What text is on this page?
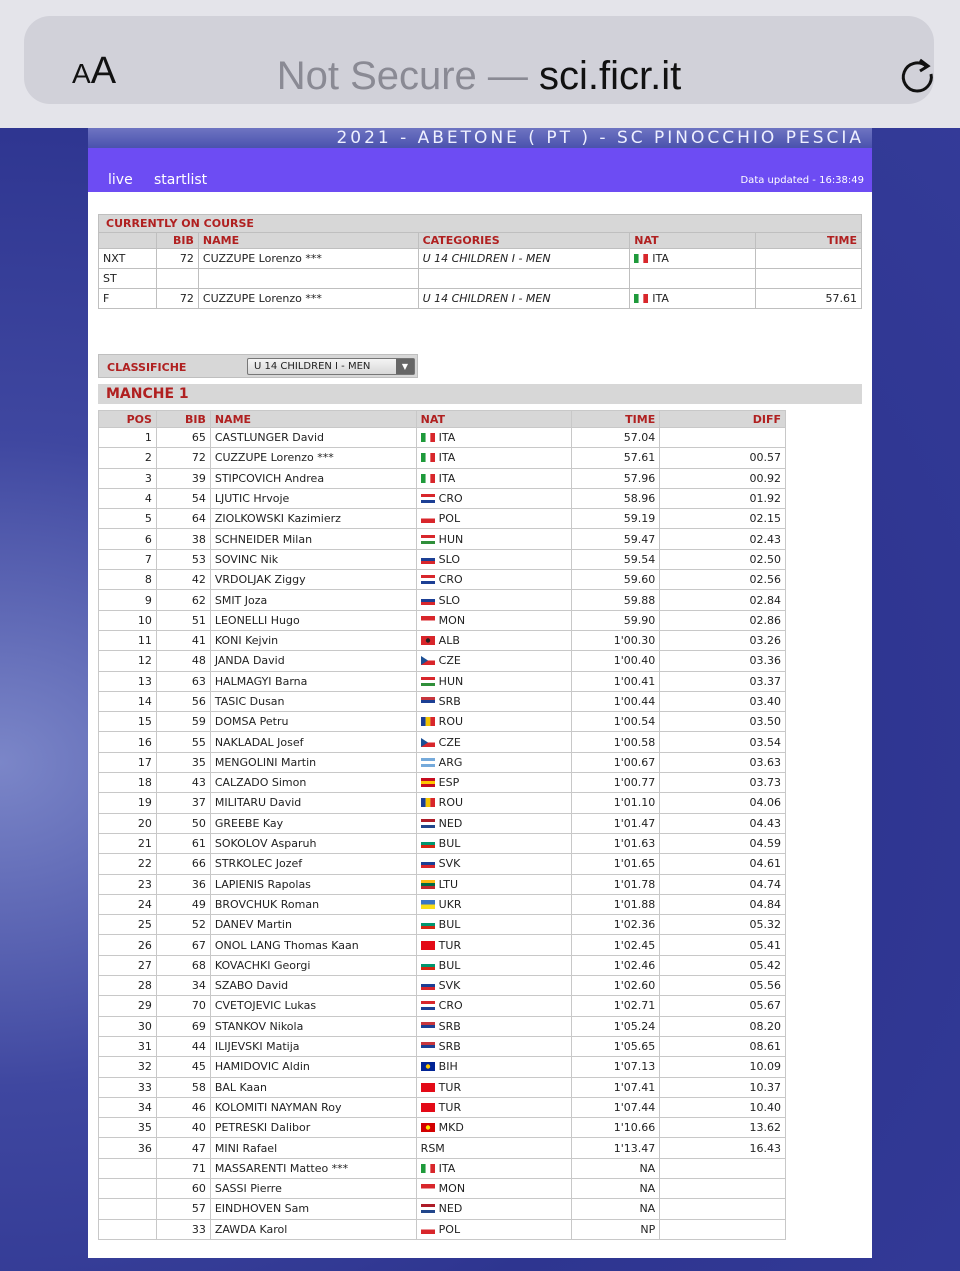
AA	Not Secure — sci.ficr.it
2021 - ABETONE ( PT ) - SC PINOCCHIO PESCIA
live startlist	Data updated - 16:38:49
CURRENTLY ON COURSE					
	BIB	NAME	CATEGORIES	NAT	TIME
NXT	72	CUZZUPE Lorenzo ***	U 14 CHILDREN I - MEN	ITA	
ST					
F	72	CUZZUPE Lorenzo ***	U 14 CHILDREN I - MEN	ITA	57.61
CLASSIFICHE	U 14 CHILDREN I - MEN	▼
MANCHE 1
POS	BIB	NAME	NAT	TIME	DIFF
1	65	CASTLUNGER David	ITA	57.04	
2	72	CUZZUPE Lorenzo ***	ITA	57.61	00.57
3	39	STIPCOVICH Andrea	ITA	57.96	00.92
4	54	LJUTIC Hrvoje	CRO	58.96	01.92
5	64	ZIOLKOWSKI Kazimierz	POL	59.19	02.15
6	38	SCHNEIDER Milan	HUN	59.47	02.43
7	53	SOVINC Nik	SLO	59.54	02.50
8	42	VRDOLJAK Ziggy	CRO	59.60	02.56
9	62	SMIT Joza	SLO	59.88	02.84
10	51	LEONELLI Hugo	MON	59.90	02.86
11	41	KONI Kejvin	ALB	1'00.30	03.26
12	48	JANDA David	CZE	1'00.40	03.36
13	63	HALMAGYI Barna	HUN	1'00.41	03.37
14	56	TASIC Dusan	SRB	1'00.44	03.40
15	59	DOMSA Petru	ROU	1'00.54	03.50
16	55	NAKLADAL Josef	CZE	1'00.58	03.54
17	35	MENGOLINI Martin	ARG	1'00.67	03.63
18	43	CALZADO Simon	ESP	1'00.77	03.73
19	37	MILITARU David	ROU	1'01.10	04.06
20	50	GREEBE Kay	NED	1'01.47	04.43
21	61	SOKOLOV Asparuh	BUL	1'01.63	04.59
22	66	STRKOLEC Jozef	SVK	1'01.65	04.61
23	36	LAPIENIS Rapolas	LTU	1'01.78	04.74
24	49	BROVCHUK Roman	UKR	1'01.88	04.84
25	52	DANEV Martin	BUL	1'02.36	05.32
26	67	ONOL LANG Thomas Kaan	TUR	1'02.45	05.41
27	68	KOVACHKI Georgi	BUL	1'02.46	05.42
28	34	SZABO David	SVK	1'02.60	05.56
29	70	CVETOJEVIC Lukas	CRO	1'02.71	05.67
30	69	STANKOV Nikola	SRB	1'05.24	08.20
31	44	ILIJEVSKI Matija	SRB	1'05.65	08.61
32	45	HAMIDOVIC Aldin	BIH	1'07.13	10.09
33	58	BAL Kaan	TUR	1'07.41	10.37
34	46	KOLOMITI NAYMAN Roy	TUR	1'07.44	10.40
35	40	PETRESKI Dalibor	MKD	1'10.66	13.62
36	47	MINI Rafael	RSM	1'13.47	16.43
	71	MASSARENTI Matteo ***	ITA	NA	
	60	SASSI Pierre	MON	NA	
	57	EINDHOVEN Sam	NED	NA	
	33	ZAWDA Karol	POL	NP	
